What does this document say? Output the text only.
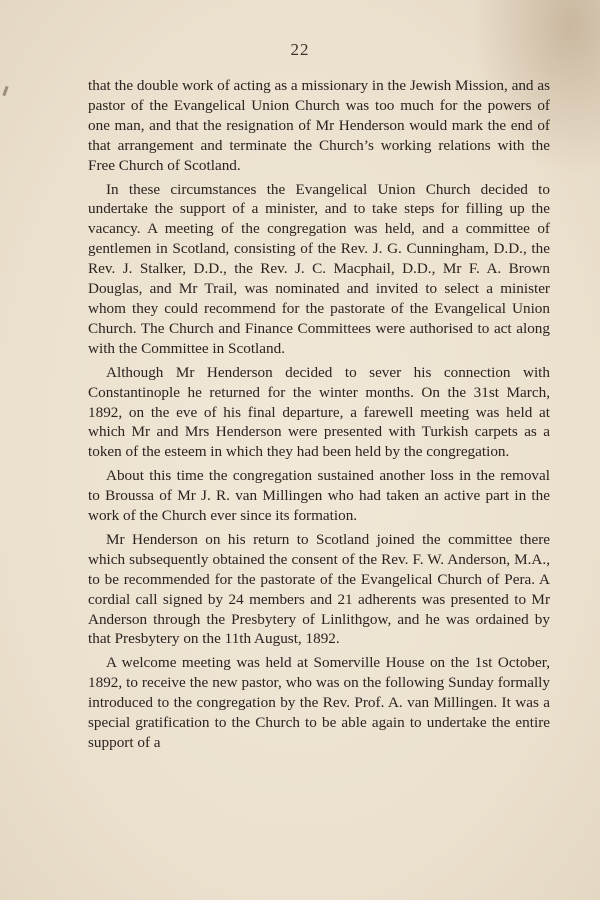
22

that the double work of acting as a missionary in the Jewish Mission, and as pastor of the Evangelical Union Church was too much for the powers of one man, and that the resignation of Mr Henderson would mark the end of that arrangement and terminate the Church’s working relations with the Free Church of Scotland.

In these circumstances the Evangelical Union Church decided to undertake the support of a minister, and to take steps for filling up the vacancy. A meeting of the congregation was held, and a committee of gentlemen in Scotland, consisting of the Rev. J. G. Cunningham, D.D., the Rev. J. Stalker, D.D., the Rev. J. C. Macphail, D.D., Mr F. A. Brown Douglas, and Mr Trail, was nominated and invited to select a minister whom they could recommend for the pastorate of the Evangelical Union Church. The Church and Finance Committees were authorised to act along with the Committee in Scotland.

Although Mr Henderson decided to sever his connection with Constantinople he returned for the winter months. On the 31st March, 1892, on the eve of his final departure, a farewell meeting was held at which Mr and Mrs Henderson were presented with Turkish carpets as a token of the esteem in which they had been held by the congregation.

About this time the congregation sustained another loss in the removal to Broussa of Mr J. R. van Millingen who had taken an active part in the work of the Church ever since its formation.

Mr Henderson on his return to Scotland joined the committee there which subsequently obtained the consent of the Rev. F. W. Anderson, M.A., to be recommended for the pastorate of the Evangelical Church of Pera. A cordial call signed by 24 members and 21 adherents was presented to Mr Anderson through the Presbytery of Linlithgow, and he was ordained by that Presbytery on the 11th August, 1892.

A welcome meeting was held at Somerville House on the 1st October, 1892, to receive the new pastor, who was on the following Sunday formally introduced to the congregation by the Rev. Prof. A. van Millingen. It was a special gratification to the Church to be able again to undertake the entire support of a
